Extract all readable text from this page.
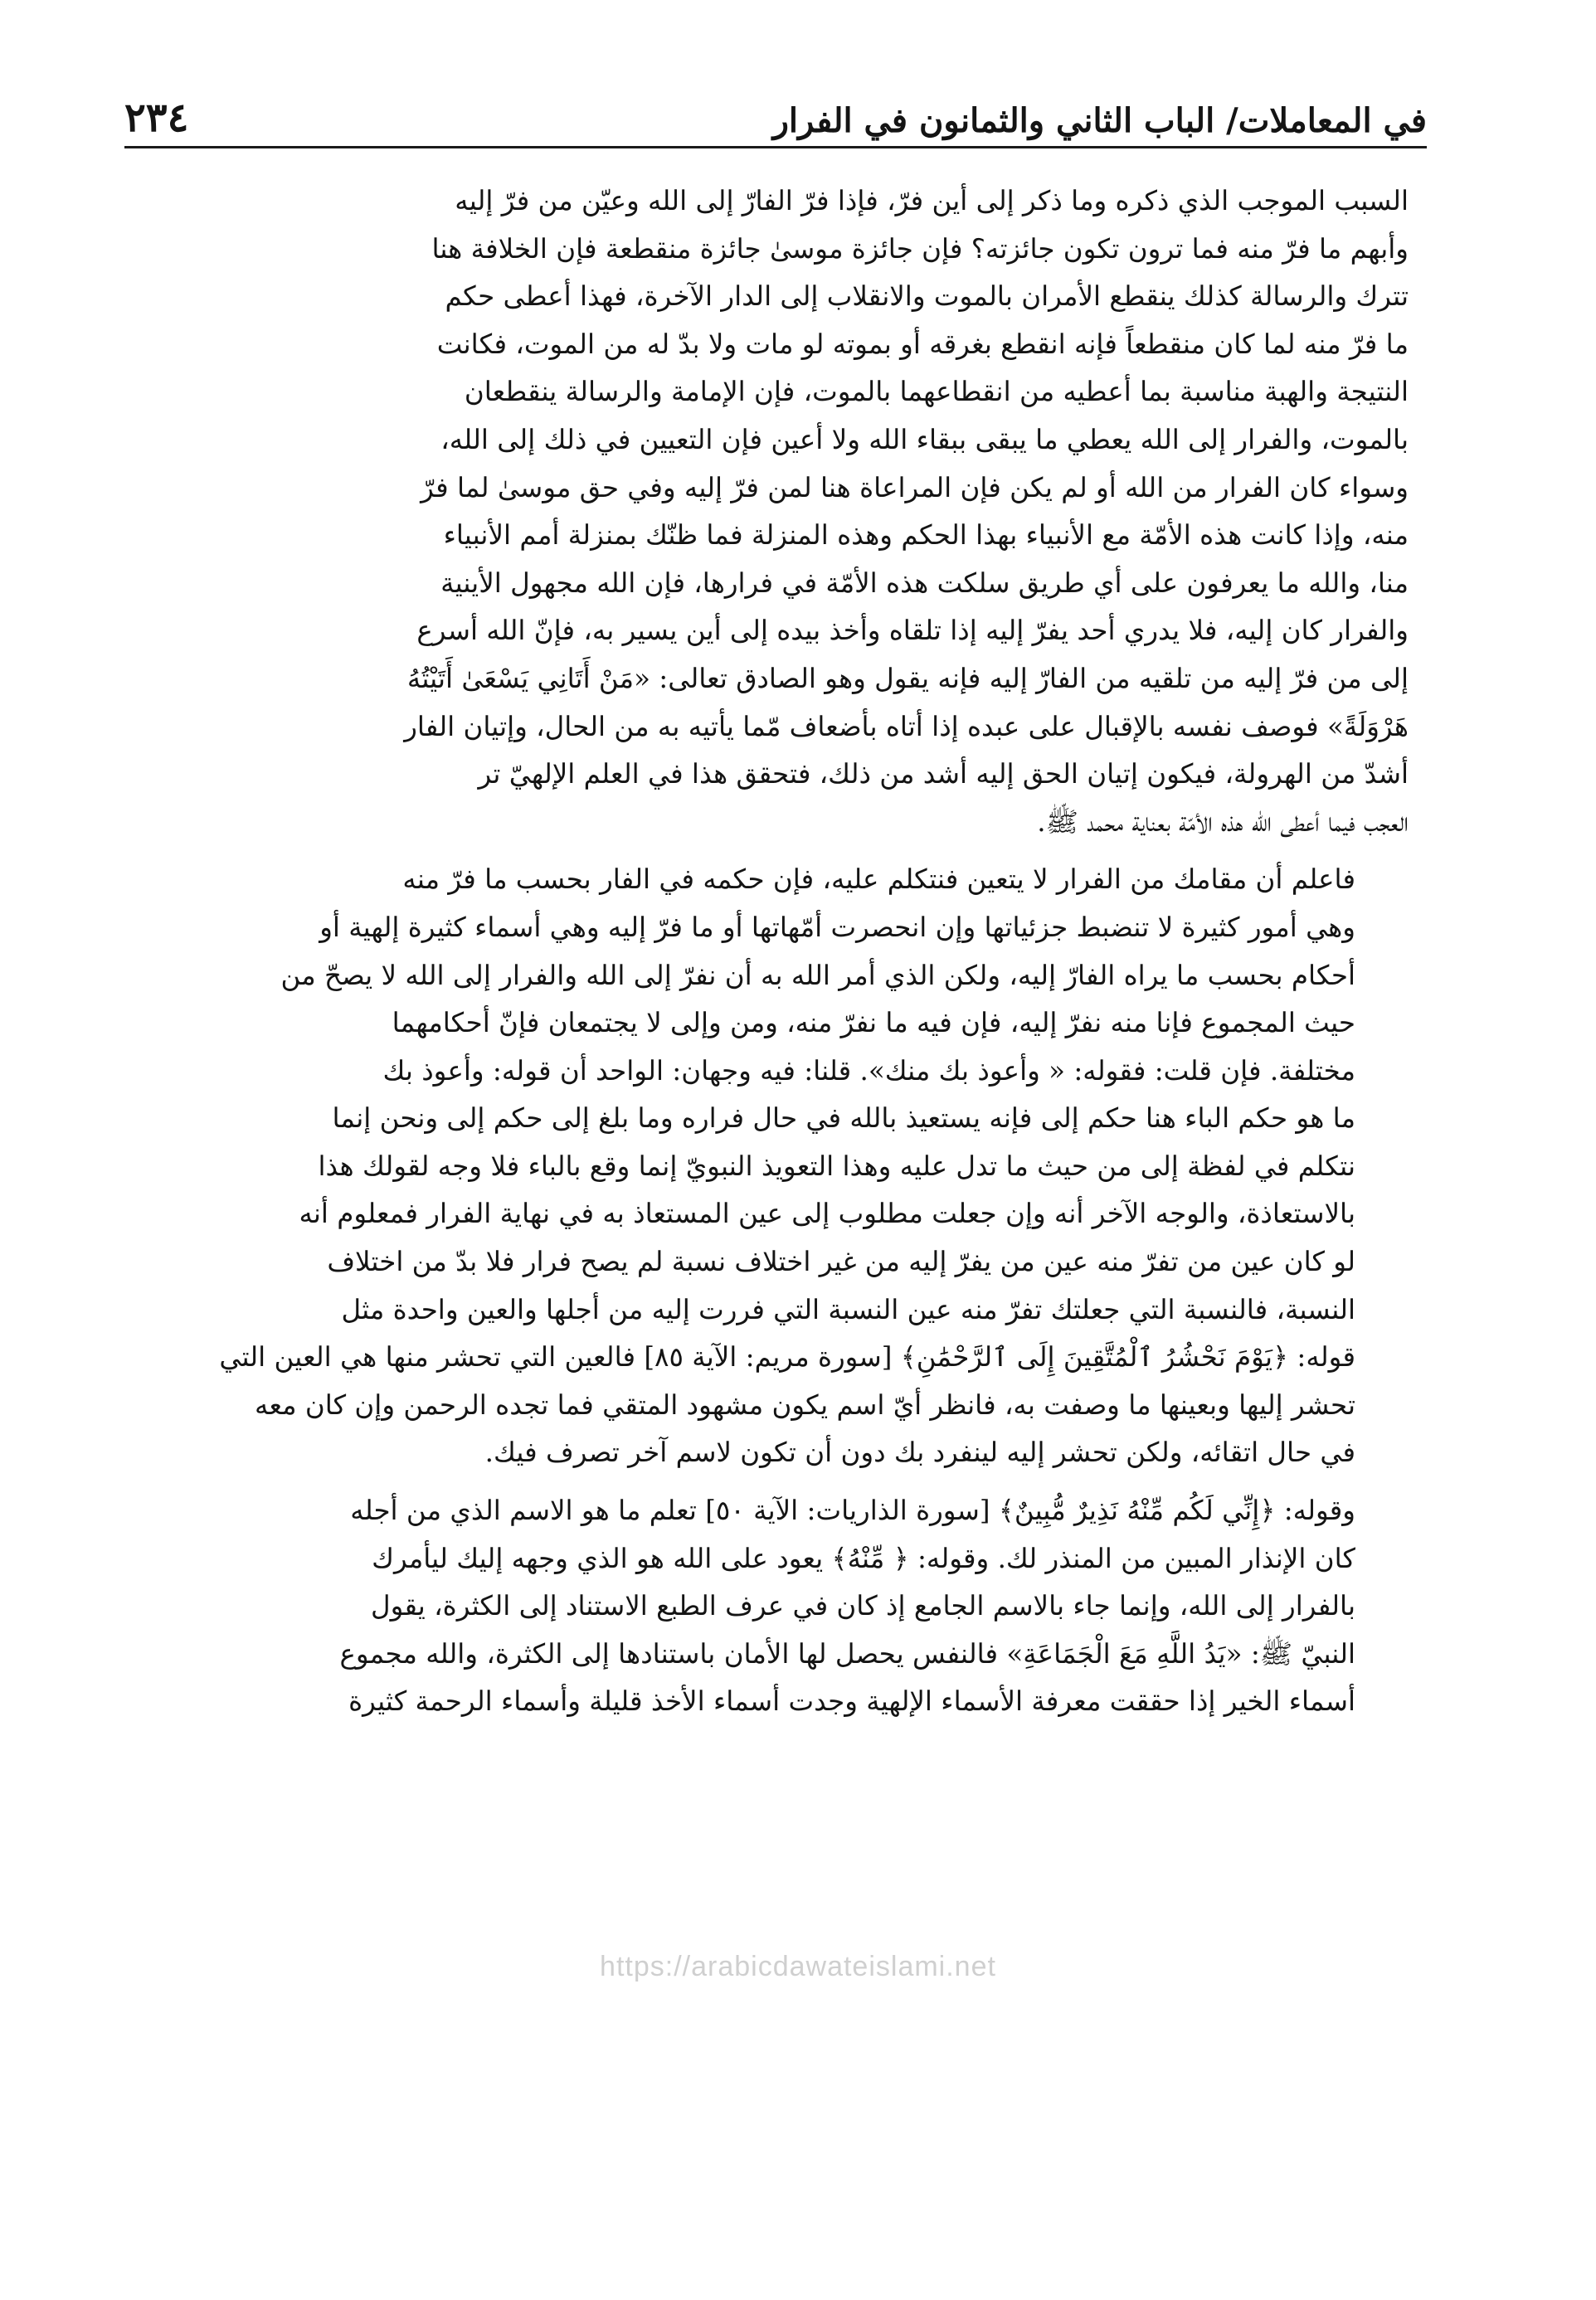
في المعاملات/ الباب الثاني والثمانون في الفرار
٢٣٤

السبب الموجب الذي ذكره وما ذكر إلى أين فرّ، فإذا فرّ الفارّ إلى الله وعيّن من فرّ إليه
وأبهم ما فرّ منه فما ترون تكون جائزته؟ فإن جائزة موسىٰ جائزة منقطعة فإن الخلافة هنا
تترك والرسالة كذلك ينقطع الأمران بالموت والانقلاب إلى الدار الآخرة، فهذا أعطى حكم
ما فرّ منه لما كان منقطعاً فإنه انقطع بغرقه أو بموته لو مات ولا بدّ له من الموت، فكانت
النتيجة والهبة مناسبة بما أعطيه من انقطاعهما بالموت، فإن الإمامة والرسالة ينقطعان
بالموت، والفرار إلى الله يعطي ما يبقى ببقاء الله ولا أعين فإن التعيين في ذلك إلى الله،
وسواء كان الفرار من الله أو لم يكن فإن المراعاة هنا لمن فرّ إليه وفي حق موسىٰ لما فرّ
منه، وإذا كانت هذه الأمّة مع الأنبياء بهذا الحكم وهذه المنزلة فما ظنّك بمنزلة أمم الأنبياء
منا، والله ما يعرفون على أي طريق سلكت هذه الأمّة في فرارها، فإن الله مجهول الأينية
والفرار كان إليه، فلا يدري أحد يفرّ إليه إذا تلقاه وأخذ بيده إلى أين يسير به، فإنّ الله أسرع
إلى من فرّ إليه من تلقيه من الفارّ إليه فإنه يقول وهو الصادق تعالى: «مَنْ أَتَانِي يَسْعَىٰ أَتَيْتُهُ
هَرْوَلَةً» فوصف نفسه بالإقبال على عبده إذا أتاه بأضعاف مّما يأتيه به من الحال، وإتيان الفار
أشدّ من الهرولة، فيكون إتيان الحق إليه أشد من ذلك، فتحقق هذا في العلم الإلهيّ تر
العجب فيما أعطى الله هذه الأمّة بعناية محمد ﷺ.

فاعلم أن مقامك من الفرار لا يتعين فنتكلم عليه، فإن حكمه في الفار بحسب ما فرّ منه
وهي أمور كثيرة لا تنضبط جزئياتها وإن انحصرت أمّهاتها أو ما فرّ إليه وهي أسماء كثيرة إلهية أو
أحكام بحسب ما يراه الفارّ إليه، ولكن الذي أمر الله به أن نفرّ إلى الله والفرار إلى الله لا يصحّ من
حيث المجموع فإنا منه نفرّ إليه، فإن فيه ما نفرّ منه، ومن وإلى لا يجتمعان فإنّ أحكامهما
مختلفة. فإن قلت: فقوله: « وأعوذ بك منك». قلنا: فيه وجهان: الواحد أن قوله: وأعوذ بك
ما هو حكم الباء هنا حكم إلى فإنه يستعيذ بالله في حال فراره وما بلغ إلى حكم إلى ونحن إنما
نتكلم في لفظة إلى من حيث ما تدل عليه وهذا التعويذ النبويّ إنما وقع بالباء فلا وجه لقولك هذا
بالاستعاذة، والوجه الآخر أنه وإن جعلت مطلوب إلى عين المستعاذ به في نهاية الفرار فمعلوم أنه
لو كان عين من تفرّ منه عين من يفرّ إليه من غير اختلاف نسبة لم يصح فرار فلا بدّ من اختلاف
النسبة، فالنسبة التي جعلتك تفرّ منه عين النسبة التي فررت إليه من أجلها والعين واحدة مثل
قوله: ﴿يَوْمَ نَحْشُرُ ٱلْمُتَّقِينَ إِلَى ٱلرَّحْمَٰنِ﴾ [سورة مريم: الآية ٨٥] فالعين التي تحشر منها هي العين التي
تحشر إليها وبعينها ما وصفت به، فانظر أيّ اسم يكون مشهود المتقي فما تجده الرحمن وإن كان معه
في حال اتقائه، ولكن تحشر إليه لينفرد بك دون أن تكون لاسم آخر تصرف فيك.

وقوله: ﴿إِنِّي لَكُم مِّنْهُ نَذِيرٌ مُّبِينٌ﴾ [سورة الذاريات: الآية ٥٠] تعلم ما هو الاسم الذي من أجله
كان الإنذار المبين من المنذر لك. وقوله: ﴿ مِّنْهُ﴾ يعود على الله هو الذي وجهه إليك ليأمرك
بالفرار إلى الله، وإنما جاء بالاسم الجامع إذ كان في عرف الطبع الاستناد إلى الكثرة، يقول
النبيّ ﷺ: «يَدُ اللَّهِ مَعَ الْجَمَاعَةِ» فالنفس يحصل لها الأمان باستنادها إلى الكثرة، والله مجموع
أسماء الخير إذا حققت معرفة الأسماء الإلهية وجدت أسماء الأخذ قليلة وأسماء الرحمة كثيرة

https://arabicdawateislami.net
